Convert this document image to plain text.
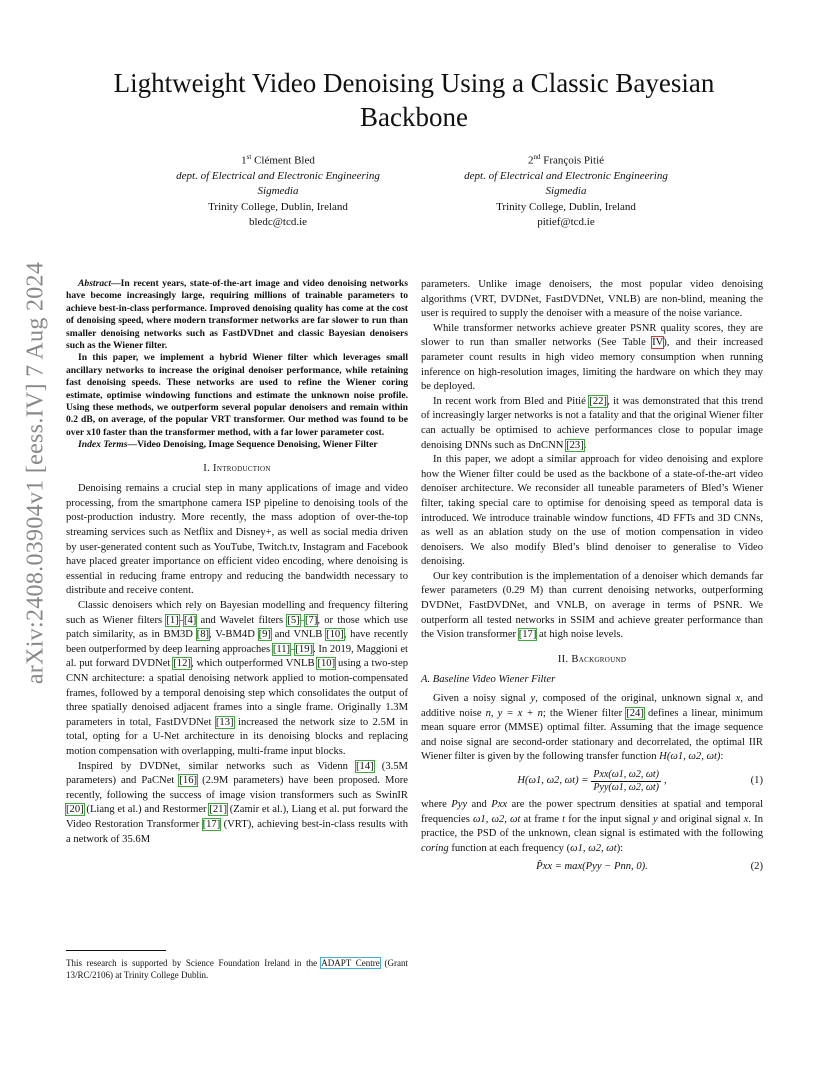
arXiv:2408.03904v1 [eess.IV] 7 Aug 2024
Lightweight Video Denoising Using a Classic Bayesian Backbone
1st Clément Bled
dept. of Electrical and Electronic Engineering
Sigmedia
Trinity College, Dublin, Ireland
bledc@tcd.ie
2nd François Pitié
dept. of Electrical and Electronic Engineering
Sigmedia
Trinity College, Dublin, Ireland
pitief@tcd.ie

Abstract—In recent years, state-of-the-art image and video denoising networks have become increasingly large, requiring millions of trainable parameters to achieve best-in-class performance. Improved denoising quality has come at the cost of denoising speed, where modern transformer networks are far slower to run than smaller denoising networks such as FastDVDnet and classic Bayesian denoisers such as the Wiener filter.

In this paper, we implement a hybrid Wiener filter which leverages small ancillary networks to increase the original denoiser performance, while retaining fast denoising speeds. These networks are used to refine the Wiener coring estimate, optimise windowing functions and estimate the unknown noise profile. Using these methods, we outperform several popular denoisers and remain within 0.2 dB, on average, of the popular VRT transformer. Our method was found to be over x10 faster than the transformer method, with a far lower parameter cost.

Index Terms—Video Denoising, Image Sequence Denoising, Wiener Filter

I. Introduction

Denoising remains a crucial step in many applications of image and video processing, from the smartphone camera ISP pipeline to denoising tools of the post-production industry. More recently, the mass adoption of over-the-top streaming services such as Netflix and Disney+, as well as social media driven by user-generated content such as YouTube, Twitch.tv, Instagram and Facebook have placed greater importance on efficient video encoding, where denoising is essential in reducing frame entropy and reducing the bandwidth necessary to distribute and receive content.

Classic denoisers which rely on Bayesian modelling and frequency filtering such as Wiener filters [1]–[4] and Wavelet filters [5]–[7], or those which use patch similarity, as in BM3D [8], V-BM4D [9] and VNLB [10], have recently been outperformed by deep learning approaches [11]–[19]. In 2019, Maggioni et al. put forward DVDNet [12], which outperformed VNLB [10] using a two-step CNN architecture: a spatial denoising network applied to motion-compensated frames, followed by a temporal denoising step which consolidates the output of three spatially denoised adjacent frames into a single frame. Originally 1.3M parameters in total, FastDVDNet [13] increased the network size to 2.5M in total, opting for a U-Net architecture in its denoising blocks and replacing motion compensation with overlapping, multi-frame input blocks.

Inspired by DVDNet, similar networks such as Videnn [14] (3.5M parameters) and PaCNet [16] (2.9M parameters) have been proposed. More recently, following the success of image vision transformers such as SwinIR [20] (Liang et al.) and Restormer [21] (Zamir et al.), Liang et al. put forward the Video Restoration Transformer [17] (VRT), achieving best-in-class results with a network of 35.6M

This research is supported by Science Foundation Ireland in the ADAPT Centre (Grant 13/RC/2106) at Trinity College Dublin.

parameters. Unlike image denoisers, the most popular video denoising algorithms (VRT, DVDNet, FastDVDNet, VNLB) are non-blind, meaning the user is required to supply the denoiser with a measure of the noise variance.

While transformer networks achieve greater PSNR quality scores, they are slower to run than smaller networks (See Table IV), and their increased parameter count results in high video memory consumption when running inference on high-resolution images, limiting the hardware on which they may be deployed.

In recent work from Bled and Pitié [22], it was demonstrated that this trend of increasingly larger networks is not a fatality and that the original Wiener filter can actually be optimised to achieve performances close to popular image denoising DNNs such as DnCNN [23].

In this paper, we adopt a similar approach for video denoising and explore how the Wiener filter could be used as the backbone of a state-of-the-art video denoiser architecture. We reconsider all tuneable parameters of Bled’s Wiener filter, taking special care to optimise for denoising speed as temporal data is introduced. We introduce trainable window functions, 4D FFTs and 3D CNNs, as well as an ablation study on the use of motion compensation in video denoisers. We also modify Bled’s blind denoiser to generalise to Video denoising.

Our key contribution is the implementation of a denoiser which demands far fewer parameters (0.29 M) than current denoising networks, outperforming DVDNet, FastDVDNet, and VNLB, on average in terms of PSNR. We outperform all tested networks in SSIM and achieve greater performance than the Vision transformer [17] at high noise levels.

II. Background

A. Baseline Video Wiener Filter

Given a noisy signal y, composed of the original, unknown signal x, and additive noise n, y = x + n; the Wiener filter [24] defines a linear, minimum mean square error (MMSE) optimal filter. Assuming that the image sequence and noise signal are second-order stationary and decorrelated, the optimal IIR Wiener filter is given by the following transfer function H(ω1, ω2, ωt):

H(ω1, ω2, $\omega t) = \frac{\text{Pxx(ω1, ω2, ωt)}}{\text{Pyy(ω1, ω2, ωt)}}$ ,	(1)

where Pyy and Pxx are the power spectrum densities at spatial and temporal frequencies ω1, ω2, ωt at frame t for the input signal y and original signal x. In practice, the PSD of the unknown, clean signal is estimated with the following coring function at each frequency (ω1, ω2, ωt):

P̂xx = max(Pyy − Pnn, 0).	(2)
